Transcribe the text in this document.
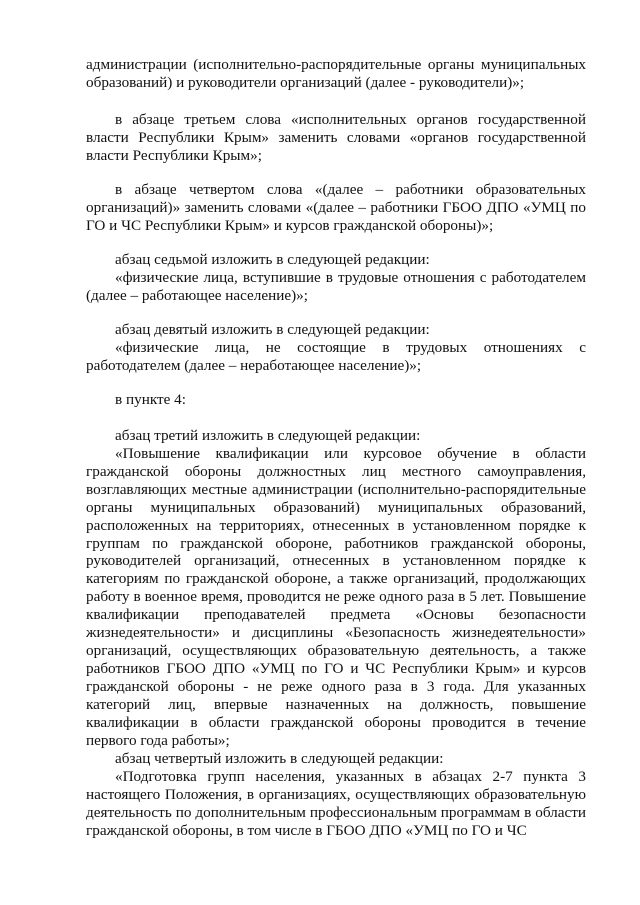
администрации (исполнительно-распорядительные органы муниципальных образований) и руководители организаций (далее - руководители)»;

в абзаце третьем слова «исполнительных органов государственной власти Республики Крым» заменить словами «органов государственной власти Республики Крым»;

в абзаце четвертом слова «(далее – работники образовательных организаций)» заменить словами «(далее – работники ГБОО ДПО «УМЦ по ГО и ЧС Республики Крым» и курсов гражданской обороны)»;

абзац седьмой изложить в следующей редакции:

«физические лица, вступившие в трудовые отношения с работодателем (далее – работающее население)»;

абзац девятый изложить в следующей редакции:

«физические лица, не состоящие в трудовых отношениях с работодателем (далее – неработающее население)»;

в пункте 4:

абзац третий изложить в следующей редакции:

«Повышение квалификации или курсовое обучение в области гражданской обороны должностных лиц местного самоуправления, возглавляющих местные администрации (исполнительно-распорядительные органы муниципальных образований) муниципальных образований, расположенных на территориях, отнесенных в установленном порядке к группам по гражданской обороне, работников гражданской обороны, руководителей организаций, отнесенных в установленном порядке к категориям по гражданской обороне, а также организаций, продолжающих работу в военное время, проводится не реже одного раза в 5 лет. Повышение квалификации преподавателей предмета «Основы безопасности жизнедеятельности» и дисциплины «Безопасность жизнедеятельности» организаций, осуществляющих образовательную деятельность, а также работников ГБОО ДПО «УМЦ по ГО и ЧС Республики Крым» и курсов гражданской обороны - не реже одного раза в 3 года. Для указанных категорий лиц, впервые назначенных на должность, повышение квалификации в области гражданской обороны проводится в течение первого года работы»;

абзац четвертый изложить в следующей редакции:

«Подготовка групп населения, указанных в абзацах 2-7 пункта 3 настоящего Положения, в организациях, осуществляющих образовательную деятельность по дополнительным профессиональным программам в области гражданской обороны, в том числе в ГБОО ДПО «УМЦ по ГО и ЧС
